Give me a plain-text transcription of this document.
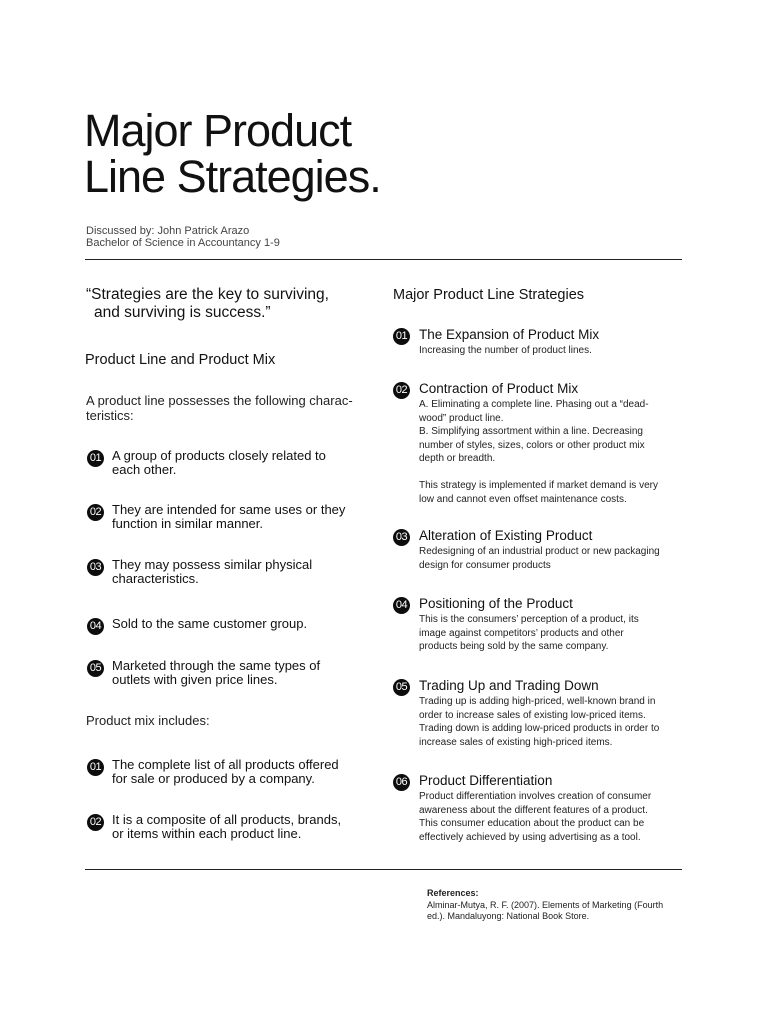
Major Product
Line Strategies.
Discussed by: John Patrick Arazo
Bachelor of Science in Accountancy 1-9
“Strategies are the key to surviving,
and surviving is success.”
Product Line and Product Mix
A product line possesses the following charac-
teristics:
01 A group of products closely related to
each other.
02 They are intended for same uses or they
function in similar manner.
03 They may possess similar physical
characteristics.
04 Sold to the same customer group.
05 Marketed through the same types of
outlets with given price lines.
Product mix includes:
01 The complete list of all products offered
for sale or produced by a company.
02 It is a composite of all products, brands,
or items within each product line.
Major Product Line Strategies
01 The Expansion of Product Mix
Increasing the number of product lines.
02 Contraction of Product Mix
A. Eliminating a complete line. Phasing out a “dead-
wood” product line.
B. Simplifying assortment within a line. Decreasing
number of styles, sizes, colors or other product mix
depth or breadth.
This strategy is implemented if market demand is very
low and cannot even offset maintenance costs.
03 Alteration of Existing Product
Redesigning of an industrial product or new packaging
design for consumer products
04 Positioning of the Product
This is the consumers’ perception of a product, its
image against competitors’ products and other
products being sold by the same company.
05 Trading Up and Trading Down
Trading up is adding high-priced, well-known brand in
order to increase sales of existing low-priced items.
Trading down is adding low-priced products in order to
increase sales of existing high-priced items.
06 Product Differentiation
Product differentiation involves creation of consumer
awareness about the different features of a product.
This consumer education about the product can be
effectively achieved by using advertising as a tool.
References:
Alminar-Mutya, R. F. (2007). Elements of Marketing (Fourth
ed.). Mandaluyong: National Book Store.
